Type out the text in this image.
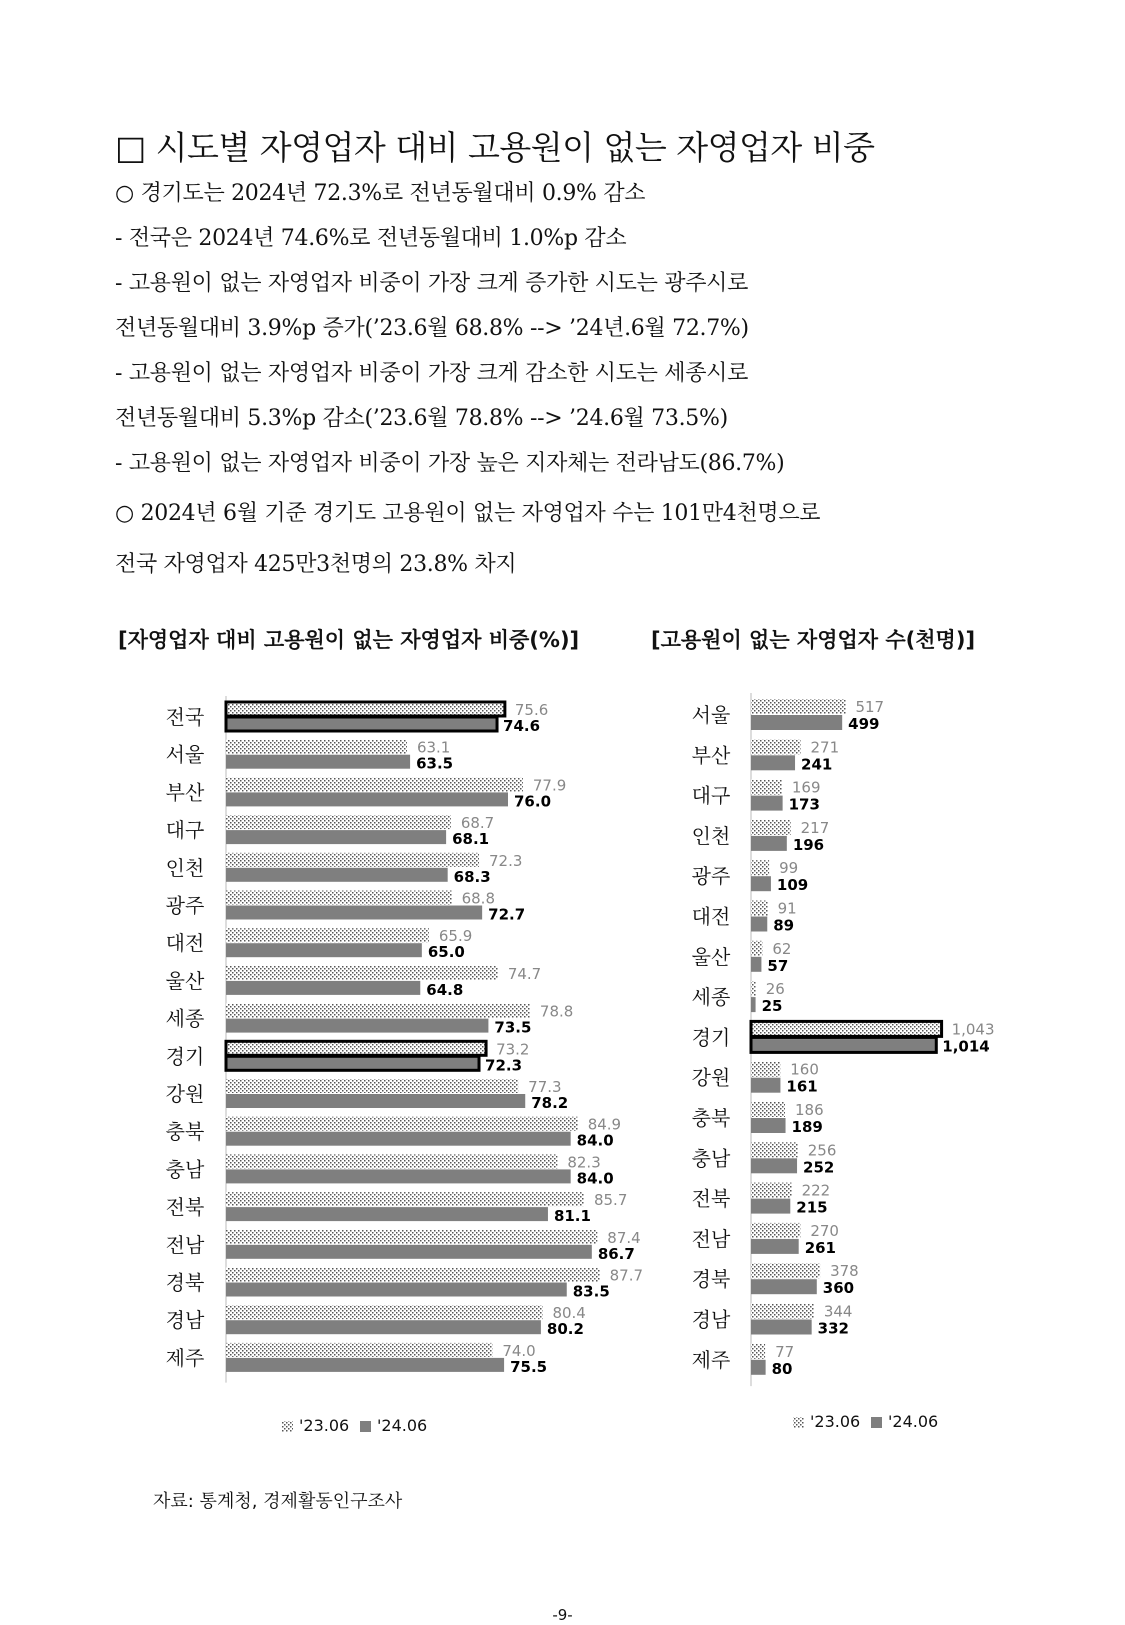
□ 시도별 자영업자 대비 고용원이 없는 자영업자 비중
○ 경기도는 2024년 72.3%로 전년동월대비 0.9% 감소
- 전국은 2024년 74.6%로 전년동월대비 1.0%p 감소
- 고용원이 없는 자영업자 비중이 가장 크게 증가한 시도는 광주시로
전년동월대비 3.9%p 증가(’23.6월 68.8% --> ’24년.6월 72.7%)
- 고용원이 없는 자영업자 비중이 가장 크게 감소한 시도는 세종시로
전년동월대비 5.3%p 감소(’23.6월 78.8% --> ’24.6월 73.5%)
- 고용원이 없는 자영업자 비중이 가장 높은 지자체는 전라남도(86.7%)
○ 2024년 6월 기준 경기도 고용원이 없는 자영업자 수는 101만4천명으로
전국 자영업자 425만3천명의 23.8% 차지
[자영업자 대비 고용원이 없는 자영업자 비중(%)]	[고용원이 없는 자영업자 수(천명)]
전국	75.6
74.6
서울	63.1
63.5
부산	77.9
76.0
대구	68.7
68.1
인천	72.3
68.3
광주	68.8
72.7
대전	65.9
65.0
울산	74.7
64.8
세종	78.8
73.5
경기	73.2
72.3
강원	77.3
78.2
충북	84.9
84.0
충남	82.3
84.0
전북	85.7
81.1
전남	87.4
86.7
경북	87.7
83.5
경남	80.4
80.2
제주	74.0
75.5
'23.06 '24.06
서울	517
499
부산	271
241
대구	169
173
인천	217
196
광주	99
109
대전	91
89
울산	62
57
세종 26
25
경기	1,043
1,014
강원	160
161
충북	186
189
충남	256
252
전북	222
215
전남	270
261
경북	378
360
경남	344
332
제주	77
80
'23.06 '24.06
자료: 통계청, 경제활동인구조사
-9-
